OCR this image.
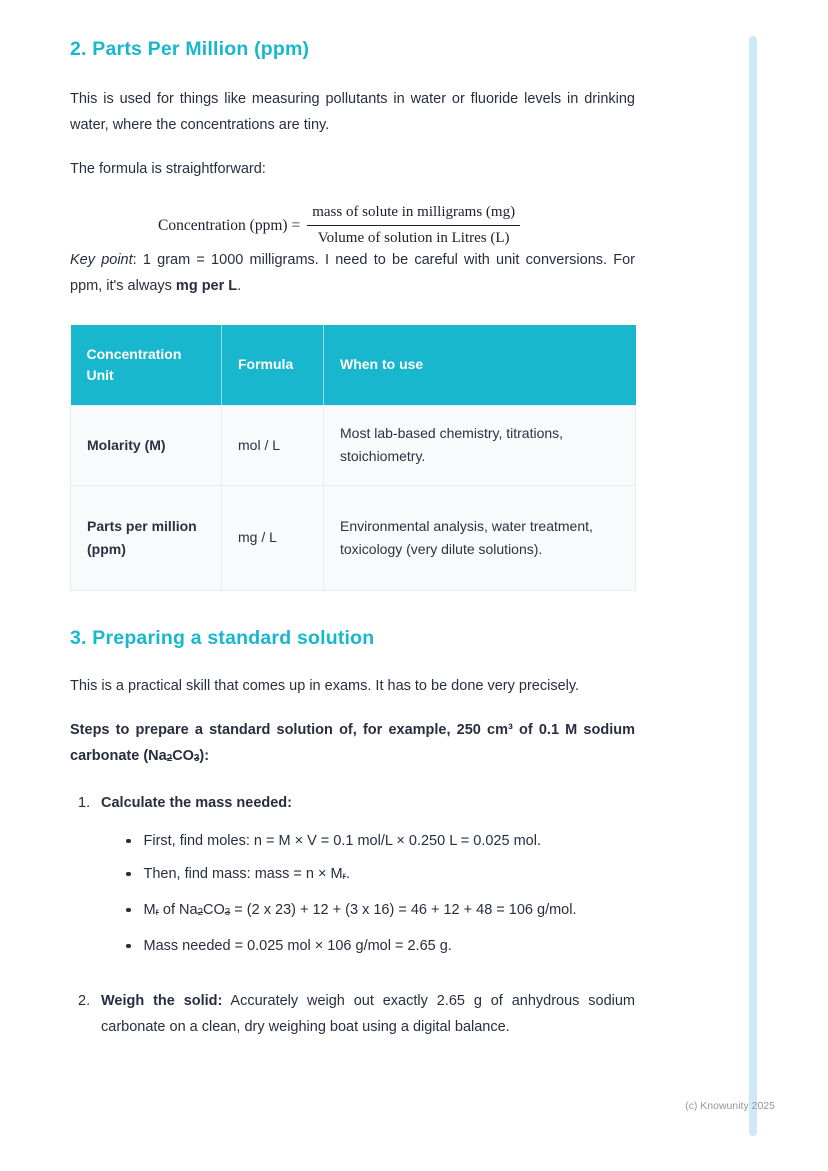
2. Parts Per Million (ppm)

This is used for things like measuring pollutants in water or fluoride levels in drinking water, where the concentrations are tiny.

The formula is straightforward:

Concentration $(ppm) = \frac{\text{mass of solute in milligrams (mg)}}{\text{Volume of solution in Litres (L)}}$

Key point: 1 gram = 1000 milligrams. I need to be careful with unit conversions. For ppm, it's always mg per L.

Concentration Unit	Formula	When to use
Molarity (M)	mol / L	Most lab-based chemistry, titrations, stoichiometry.
Parts per million (ppm)	mg / L	Environmental analysis, water treatment, toxicology (very dilute solutions).
3. Preparing a standard solution

This is a practical skill that comes up in exams. It has to be done very precisely.

Steps to prepare a standard solution of, for example, 250 cm³ of 0.1 M sodium carbonate (Na2CO3):

1. Calculate the mass needed:
First, find moles: n = M × V = 0.1 mol/L × 0.250 L = 0.025 mol.
Then, find mass: mass = n × Mr.
Mr of Na2CO3 = (2 x 23) + 12 + (3 x 16) = 46 + 12 + 48 = 106 g/mol.
Mass needed = 0.025 mol × 106 g/mol = 2.65 g.
2. Weigh the solid: Accurately weigh out exactly 2.65 g of anhydrous sodium carbonate on a clean, dry weighing boat using a digital balance.
(c) Knowunity 2025
